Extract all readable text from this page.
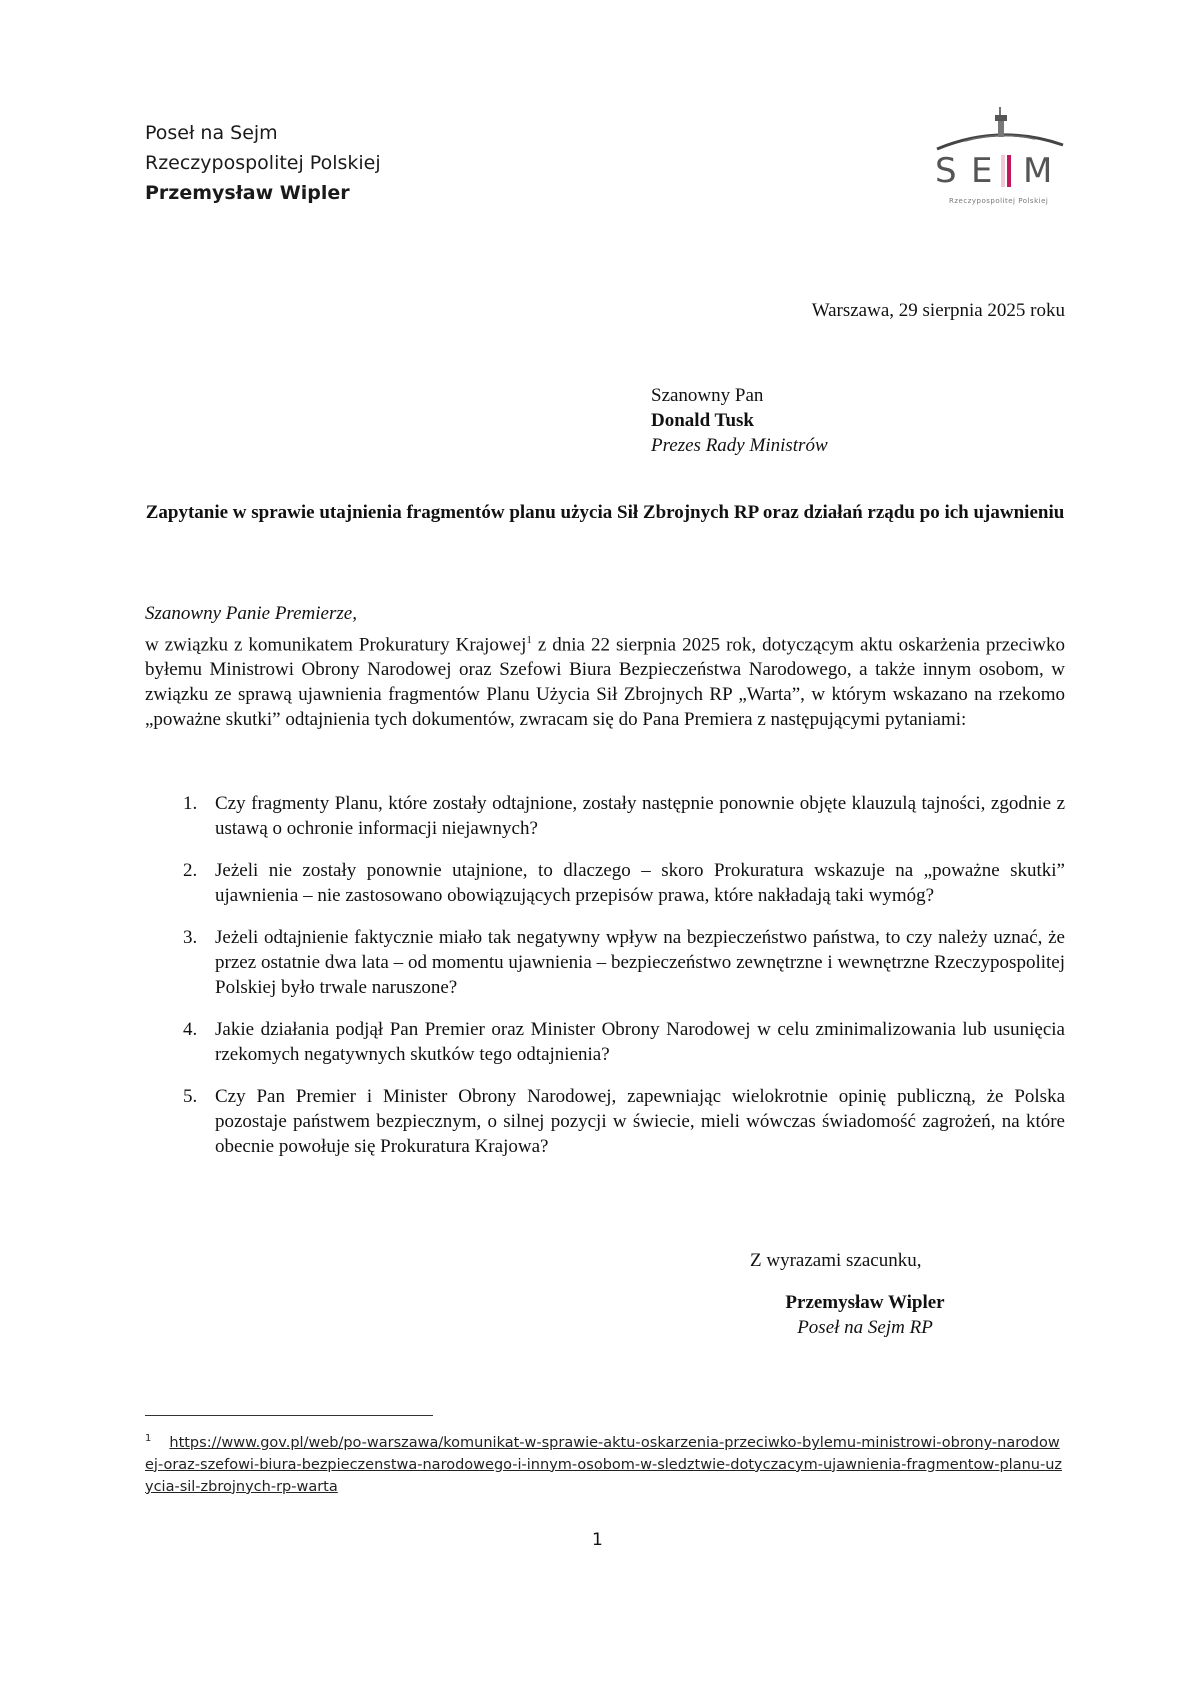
Poseł na Sejm
Rzeczypospolitej Polskiej
Przemysław Wipler
S E M
Rzeczypospolitej Polskiej
Warszawa, 29 sierpnia 2025 roku
Szanowny Pan
Donald Tusk
Prezes Rady Ministrów
Zapytanie w sprawie utajnienia fragmentów planu użycia Sił Zbrojnych RP oraz działań rządu po ich ujawnieniu
Szanowny Panie Premierze,
w związku z komunikatem Prokuratury Krajowej$^1$ z dnia 22 sierpnia 2025 rok, dotyczącym aktu oskarżenia przeciwko byłemu Ministrowi Obrony Narodowej oraz Szefowi Biura Bezpieczeństwa Narodowego, a także innym osobom, w związku ze sprawą ujawnienia fragmentów Planu Użycia Sił Zbrojnych RP „Warta”, w którym wskazano na rzekomo „poważne skutki” odtajnienia tych dokumentów, zwracam się do Pana Premiera z następującymi pytaniami:
1. Czy fragmenty Planu, które zostały odtajnione, zostały następnie ponownie objęte klauzulą tajności, zgodnie z ustawą o ochronie informacji niejawnych?
2. Jeżeli nie zostały ponownie utajnione, to dlaczego – skoro Prokuratura wskazuje na „poważne skutki” ujawnienia – nie zastosowano obowiązujących przepisów prawa, które nakładają taki wymóg?
3. Jeżeli odtajnienie faktycznie miało tak negatywny wpływ na bezpieczeństwo państwa, to czy należy uznać, że przez ostatnie dwa lata – od momentu ujawnienia – bezpieczeństwo zewnętrzne i wewnętrzne Rzeczypospolitej Polskiej było trwale naruszone?
4. Jakie działania podjął Pan Premier oraz Minister Obrony Narodowej w celu zminimalizowania lub usunięcia rzekomych negatywnych skutków tego odtajnienia?
5. Czy Pan Premier i Minister Obrony Narodowej, zapewniając wielokrotnie opinię publiczną, że Polska pozostaje państwem bezpiecznym, o silnej pozycji w świecie, mieli wówczas świadomość zagrożeń, na które obecnie powołuje się Prokuratura Krajowa?
Z wyrazami szacunku,
Przemysław Wipler
Poseł na Sejm RP
$^1$ https://www.gov.pl/web/po-warszawa/komunikat-w-sprawie-aktu-oskarzenia-przeciwko-bylemu-ministrowi-obrony-narodowej-oraz-szefowi-biura-bezpieczenstwa-narodowego-i-innym-osobom-w-sledztwie-dotyczacym-ujawnienia-fragmentow-planu-uzycia-sil-zbrojnych-rp-warta
1
